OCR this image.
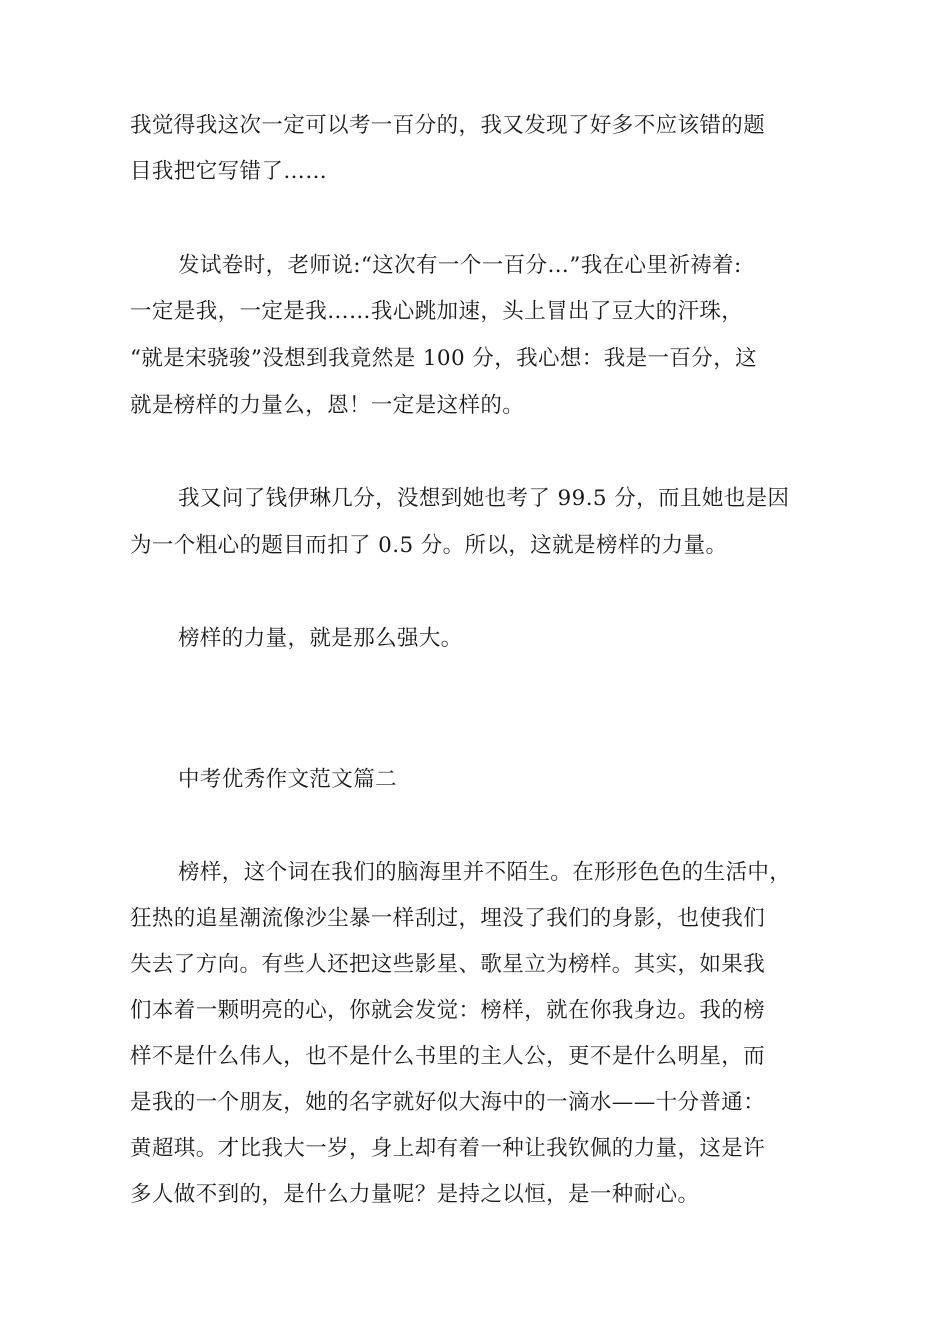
我觉得我这次一定可以考一百分的，我又发现了好多不应该错的题
目我把它写错了……
发试卷时，老师说:“这次有一个一百分…”我在心里祈祷着:
一定是我，一定是我……我心跳加速，头上冒出了豆大的汗珠，
“就是宋骁骏”没想到我竟然是 100 分，我心想：我是一百分，这
就是榜样的力量么，恩！一定是这样的。
我又问了钱伊琳几分，没想到她也考了 99.5 分，而且她也是因
为一个粗心的题目而扣了 0.5 分。所以，这就是榜样的力量。
榜样的力量，就是那么强大。
中考优秀作文范文篇二
榜样，这个词在我们的脑海里并不陌生。在形形色色的生活中，
狂热的追星潮流像沙尘暴一样刮过，埋没了我们的身影，也使我们
失去了方向。有些人还把这些影星、歌星立为榜样。其实，如果我
们本着一颗明亮的心，你就会发觉：榜样，就在你我身边。我的榜
样不是什么伟人，也不是什么书里的主人公，更不是什么明星，而
是我的一个朋友，她的名字就好似大海中的一滴水——十分普通：
黄超琪。才比我大一岁，身上却有着一种让我钦佩的力量，这是许
多人做不到的，是什么力量呢？是持之以恒，是一种耐心。
